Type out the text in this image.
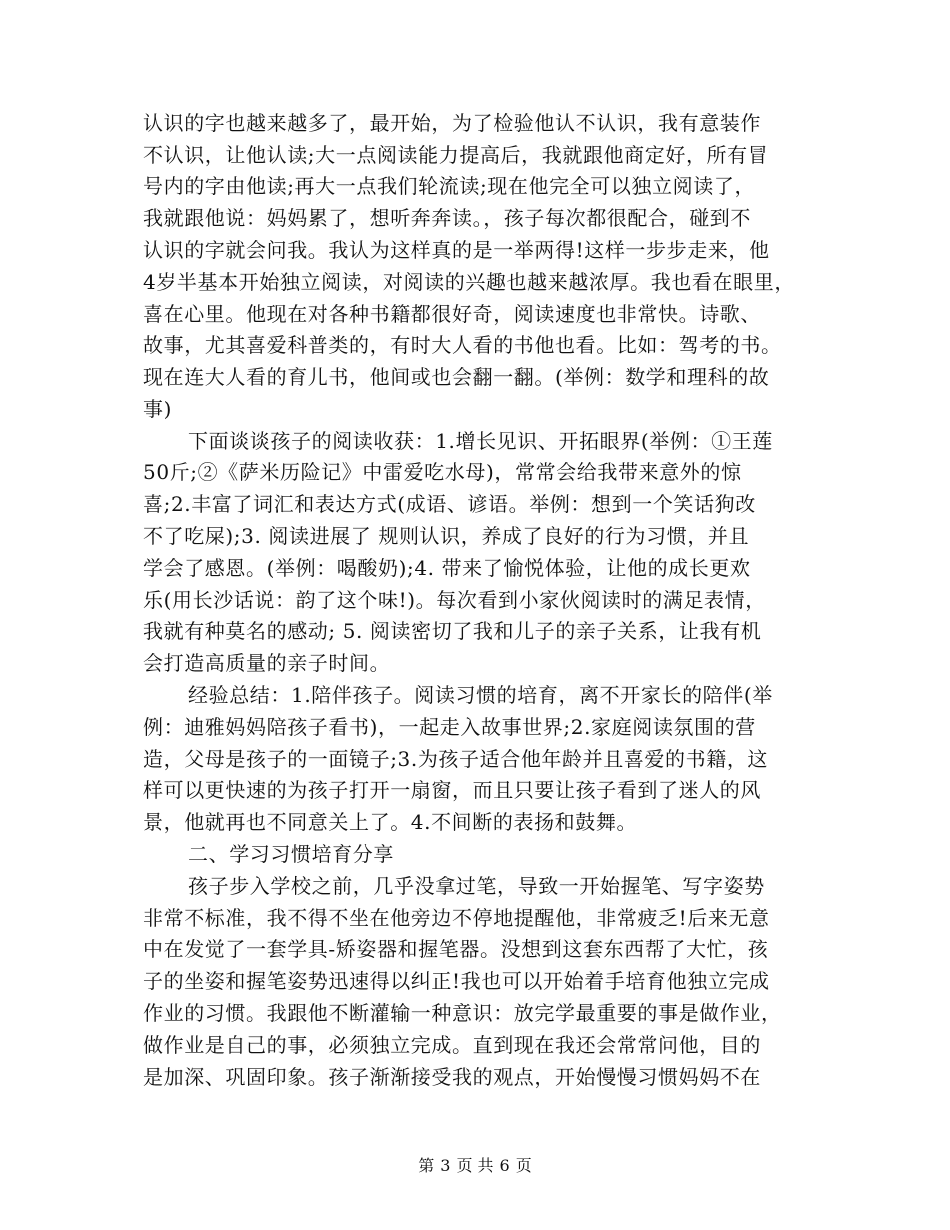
认识的字也越来越多了，最开始，为了检验他认不认识，我有意装作
不认识，让他认读;大一点阅读能力提高后，我就跟他商定好，所有冒
号内的字由他读;再大一点我们轮流读;现在他完全可以独立阅读了，
我就跟他说：妈妈累了，想听奔奔读。，孩子每次都很配合，碰到不
认识的字就会问我。我认为这样真的是一举两得!这样一步步走来，他
4岁半基本开始独立阅读，对阅读的兴趣也越来越浓厚。我也看在眼里，
喜在心里。他现在对各种书籍都很好奇，阅读速度也非常快。诗歌、
故事，尤其喜爱科普类的，有时大人看的书他也看。比如：驾考的书。
现在连大人看的育儿书，他间或也会翻一翻。(举例：数学和理科的故
事)
下面谈谈孩子的阅读收获：1.增长见识、开拓眼界(举例：①王莲
50斤;②《萨米历险记》中雷爱吃水母)，常常会给我带来意外的惊
喜;2.丰富了词汇和表达方式(成语、谚语。举例：想到一个笑话狗改
不了吃屎);3. 阅读进展了 规则认识，养成了良好的行为习惯，并且
学会了感恩。(举例：喝酸奶);4. 带来了愉悦体验，让他的成长更欢
乐(用长沙话说：韵了这个味!)。每次看到小家伙阅读时的满足表情，
我就有种莫名的感动; 5. 阅读密切了我和儿子的亲子关系，让我有机
会打造高质量的亲子时间。
经验总结：1.陪伴孩子。阅读习惯的培育，离不开家长的陪伴(举
例：迪雅妈妈陪孩子看书)，一起走入故事世界;2.家庭阅读氛围的营
造，父母是孩子的一面镜子;3.为孩子适合他年龄并且喜爱的书籍，这
样可以更快速的为孩子打开一扇窗，而且只要让孩子看到了迷人的风
景，他就再也不同意关上了。4.不间断的表扬和鼓舞。
二、学习习惯培育分享
孩子步入学校之前，几乎没拿过笔，导致一开始握笔、写字姿势
非常不标准，我不得不坐在他旁边不停地提醒他，非常疲乏!后来无意
中在发觉了一套学具-矫姿器和握笔器。没想到这套东西帮了大忙，孩
子的坐姿和握笔姿势迅速得以纠正!我也可以开始着手培育他独立完成
作业的习惯。我跟他不断灌输一种意识：放完学最重要的事是做作业，
做作业是自己的事，必须独立完成。直到现在我还会常常问他，目的
是加深、巩固印象。孩子渐渐接受我的观点，开始慢慢习惯妈妈不在
第 3 页 共 6 页
